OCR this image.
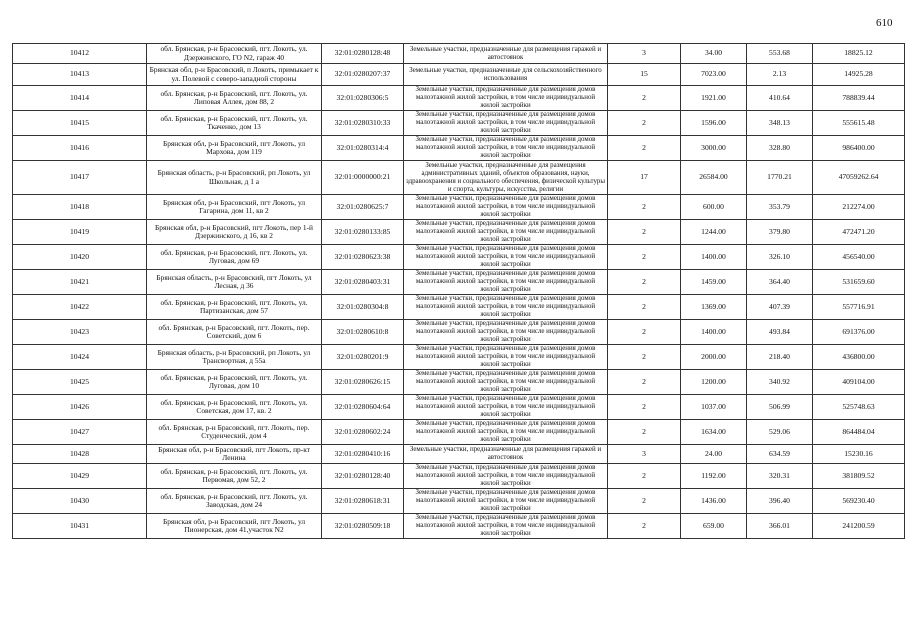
610
10412	обл. Брянская, р-н Брасовский, пгт. Локоть, ул. Дзержинского, ГО N2, гараж 40	32:01:0280128:48	Земельные участки, предназначенные для размещения гаражей и автостоянок	3	34.00	553.68	18825.12
10413	Брянская обл, р-н Брасовский, п Локоть, примыкает к ул. Полевой с северо-западной стороны	32:01:0280207:37	Земельные участки, предназначенные для сельскохозяйственного использования	15	7023.00	2.13	14925.28
10414	обл. Брянская, р-н Брасовский, пгт. Локоть, ул. Липовая Аллея, дом 88, 2	32:01:0280306:5	Земельные участки, предназначенные для размещения домов малоэтажной жилой застройки, в том числе индивидуальной жилой застройки	2	1921.00	410.64	788839.44
10415	обл. Брянская, р-н Брасовский, пгт. Локоть, ул. Ткаченко, дом 13	32:01:0280310:33	Земельные участки, предназначенные для размещения домов малоэтажной жилой застройки, в том числе индивидуальной жилой застройки	2	1596.00	348.13	555615.48
10416	Брянская обл, р-н Брасовский, пгт Локоть, ул Мархова, дом 119	32:01:0280314:4	Земельные участки, предназначенные для размещения домов малоэтажной жилой застройки, в том числе индивидуальной жилой застройки	2	3000.00	328.80	986400.00
10417	Брянская область, р-н Брасовский, рп Локоть, ул Школьная, д 1 а	32:01:0000000:21	Земельные участки, предназначенные для размещения административных зданий, объектов образования, науки, здравоохранения и социального обеспечения, физической культуры и спорта, культуры, искусства, религии	17	26584.00	1770.21	47059262.64
10418	Брянская обл, р-н Брасовский, пгт Локоть, ул Гагарина, дом 11, кв 2	32:01:0280625:7	Земельные участки, предназначенные для размещения домов малоэтажной жилой застройки, в том числе индивидуальной жилой застройки	2	600.00	353.79	212274.00
10419	Брянская обл, р-н Брасовский, пгт Локоть, пер 1-й Дзержинского, д 16, кв 2	32:01:0280133:85	Земельные участки, предназначенные для размещения домов малоэтажной жилой застройки, в том числе индивидуальной жилой застройки	2	1244.00	379.80	472471.20
10420	обл. Брянская, р-н Брасовский, пгт. Локоть, ул. Луговая, дом 69	32:01:0280623:38	Земельные участки, предназначенные для размещения домов малоэтажной жилой застройки, в том числе индивидуальной жилой застройки	2	1400.00	326.10	456540.00
10421	Брянская область, р-н Брасовский, пгт Локоть, ул Лесная, д 36	32:01:0280403:31	Земельные участки, предназначенные для размещения домов малоэтажной жилой застройки, в том числе индивидуальной жилой застройки	2	1459.00	364.40	531659.60
10422	обл. Брянская, р-н Брасовский, пгт. Локоть, ул. Партизанская, дом 57	32:01:0280304:8	Земельные участки, предназначенные для размещения домов малоэтажной жилой застройки, в том числе индивидуальной жилой застройки	2	1369.00	407.39	557716.91
10423	обл. Брянская, р-н Брасовский, пгт. Локоть, пер. Советский, дом 6	32:01:0280610:8	Земельные участки, предназначенные для размещения домов малоэтажной жилой застройки, в том числе индивидуальной жилой застройки	2	1400.00	493.84	691376.00
10424	Брянская область, р-н Брасовский, рп Локоть, ул Трансвортная, д 55а	32:01:0280201:9	Земельные участки, предназначенные для размещения домов малоэтажной жилой застройки, в том числе индивидуальной жилой застройки	2	2000.00	218.40	436800.00
10425	обл. Брянская, р-н Брасовский, пгт. Локоть, ул. Луговая, дом 10	32:01:0280626:15	Земельные участки, предназначенные для размещения домов малоэтажной жилой застройки, в том числе индивидуальной жилой застройки	2	1200.00	340.92	409104.00
10426	обл. Брянская, р-н Брасовский, пгт. Локоть, ул. Советская, дом 17, кв. 2	32:01:0280604:64	Земельные участки, предназначенные для размещения домов малоэтажной жилой застройки, в том числе индивидуальной жилой застройки	2	1037.00	506.99	525748.63
10427	обл. Брянская, р-н Брасовский, пгт. Локоть, пер. Студенческий, дом 4	32:01:0280602:24	Земельные участки, предназначенные для размещения домов малоэтажной жилой застройки, в том числе индивидуальной жилой застройки	2	1634.00	529.06	864484.04
10428	Брянская обл, р-н Брасовский, пгт Локоть, пр-кт Ленина	32:01:0280410:16	Земельные участки, предназначенные для размещения гаражей и автостоянок	3	24.00	634.59	15230.16
10429	обл. Брянская, р-н Брасовский, пгт. Локоть, ул. Первомая, дом 52, 2	32:01:0280128:40	Земельные участки, предназначенные для размещения домов малоэтажной жилой застройки, в том числе индивидуальной жилой застройки	2	1192.00	320.31	381809.52
10430	обл. Брянская, р-н Брасовский, пгт. Локоть, ул. Заводская, дом 24	32:01:0280618:31	Земельные участки, предназначенные для размещения домов малоэтажной жилой застройки, в том числе индивидуальной жилой застройки	2	1436.00	396.40	569230.40
10431	Брянская обл, р-н Брасовский, пгт Локоть, ул Пионерская, дом 41,участок N2	32:01:0280509:18	Земельные участки, предназначенные для размещения домов малоэтажной жилой застройки, в том числе индивидуальной жилой застройки	2	659.00	366.01	241200.59
